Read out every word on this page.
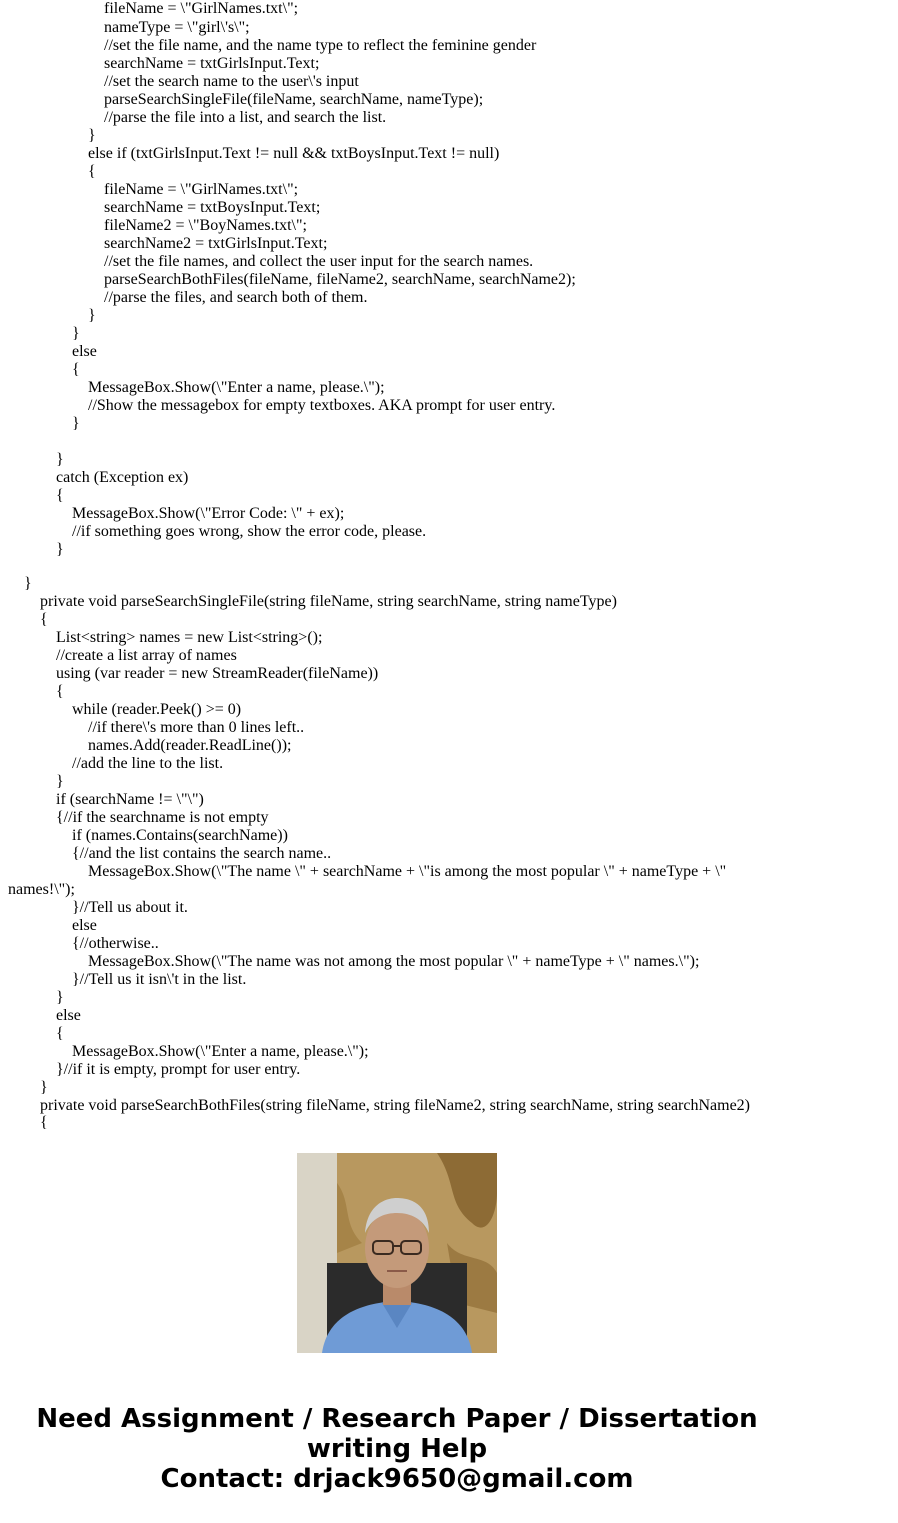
fileName = \"GirlNames.txt\";
nameType = \"girl\'s\";
//set the file name, and the name type to reflect the feminine gender
searchName = txtGirlsInput.Text;
//set the search name to the user\'s input
parseSearchSingleFile(fileName, searchName, nameType);
//parse the file into a list, and search the list.
}
else if (txtGirlsInput.Text != null && txtBoysInput.Text != null)
{
fileName = \"GirlNames.txt\";
searchName = txtBoysInput.Text;
fileName2 = \"BoyNames.txt\";
searchName2 = txtGirlsInput.Text;
//set the file names, and collect the user input for the search names.
parseSearchBothFiles(fileName, fileName2, searchName, searchName2);
//parse the files, and search both of them.
}
}
else
{
MessageBox.Show(\"Enter a name, please.\");
//Show the messagebox for empty textboxes. AKA prompt for user entry.
}
}
catch (Exception ex)
{
MessageBox.Show(\"Error Code: \" + ex);
//if something goes wrong, show the error code, please.
}
}
private void parseSearchSingleFile(string fileName, string searchName, string nameType)
{
List<string> names = new List<string>();
//create a list array of names
using (var reader = new StreamReader(fileName))
{
while (reader.Peek() >= 0)
//if there\'s more than 0 lines left..
names.Add(reader.ReadLine());
//add the line to the list.
}
if (searchName != \"\")
{//if the searchname is not empty
if (names.Contains(searchName))
{//and the list contains the search name..
MessageBox.Show(\"The name \" + searchName + \"is among the most popular \" + nameType + \"
names!\");
}//Tell us about it.
else
{//otherwise..
MessageBox.Show(\"The name was not among the most popular \" + nameType + \" names.\");
}//Tell us it isn\'t in the list.
}
else
{
MessageBox.Show(\"Enter a name, please.\");
}//if it is empty, prompt for user entry.
}
private void parseSearchBothFiles(string fileName, string fileName2, string searchName, string searchName2)
{
Need Assignment / Research Paper / Dissertation
writing Help
Contact: drjack9650@gmail.com
